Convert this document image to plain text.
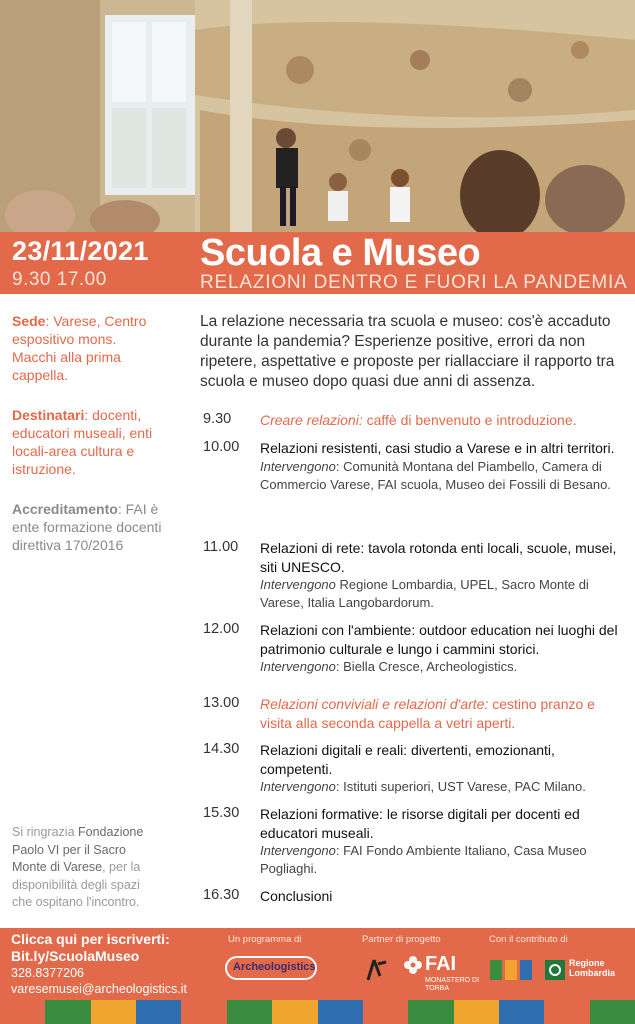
23/11/2021
9.30 17.00
Scuola e Museo
RELAZIONI DENTRO E FUORI LA PANDEMIA

Sede: Varese, Centro espositivo mons. Macchi alla prima cappella.

Destinatari: docenti, educatori museali, enti locali-area cultura e istruzione.

Accreditamento: FAI è ente formazione docenti direttiva 170/2016

Si ringrazia Fondazione Paolo VI per il Sacro Monte di Varese, per la disponibilità degli spazi che ospitano l'incontro.
La relazione necessaria tra scuola e museo: cos'è accaduto durante la pandemia? Esperienze positive, errori da non ripetere, aspettative e proposte per riallacciare il rapporto tra scuola e museo dopo quasi due anni di assenza.
9.30 Creare relazioni: caffè di benvenuto e introduzione.
10.00 Relazioni resistenti, casi studio a Varese e in altri territori.
Intervengono: Comunità Montana del Piambello, Camera di Commercio Varese, FAI scuola, Museo dei Fossili di Besano.
11.00 Relazioni di rete: tavola rotonda enti locali, scuole, musei, siti UNESCO.
Intervengono Regione Lombardia, UPEL, Sacro Monte di Varese, Italia Langobardorum.
12.00 Relazioni con l'ambiente: outdoor education nei luoghi del patrimonio culturale e lungo i cammini storici.
Intervengono: Biella Cresce, Archeologistics.
13.00 Relazioni conviviali e relazioni d'arte: cestino pranzo e visita alla seconda cappella a vetri aperti.
14.30 Relazioni digitali e reali: divertenti, emozionanti, competenti.
Intervengono: Istituti superiori, UST Varese, PAC Milano.
15.30 Relazioni formative: le risorse digitali per docenti ed educatori museali.
Intervengono: FAI Fondo Ambiente Italiano, Casa Museo Pogliaghi.
16.30 Conclusioni
Clicca qui per iscriverti:
Bit.ly/ScuolaMuseo
328.8377206
varesemusei@archeologistics.it
Un programma di	Partner di progetto	Con il contributo di
Archeologistics	FAI
MONASTERO DI TORBA
Regione Lombardia
